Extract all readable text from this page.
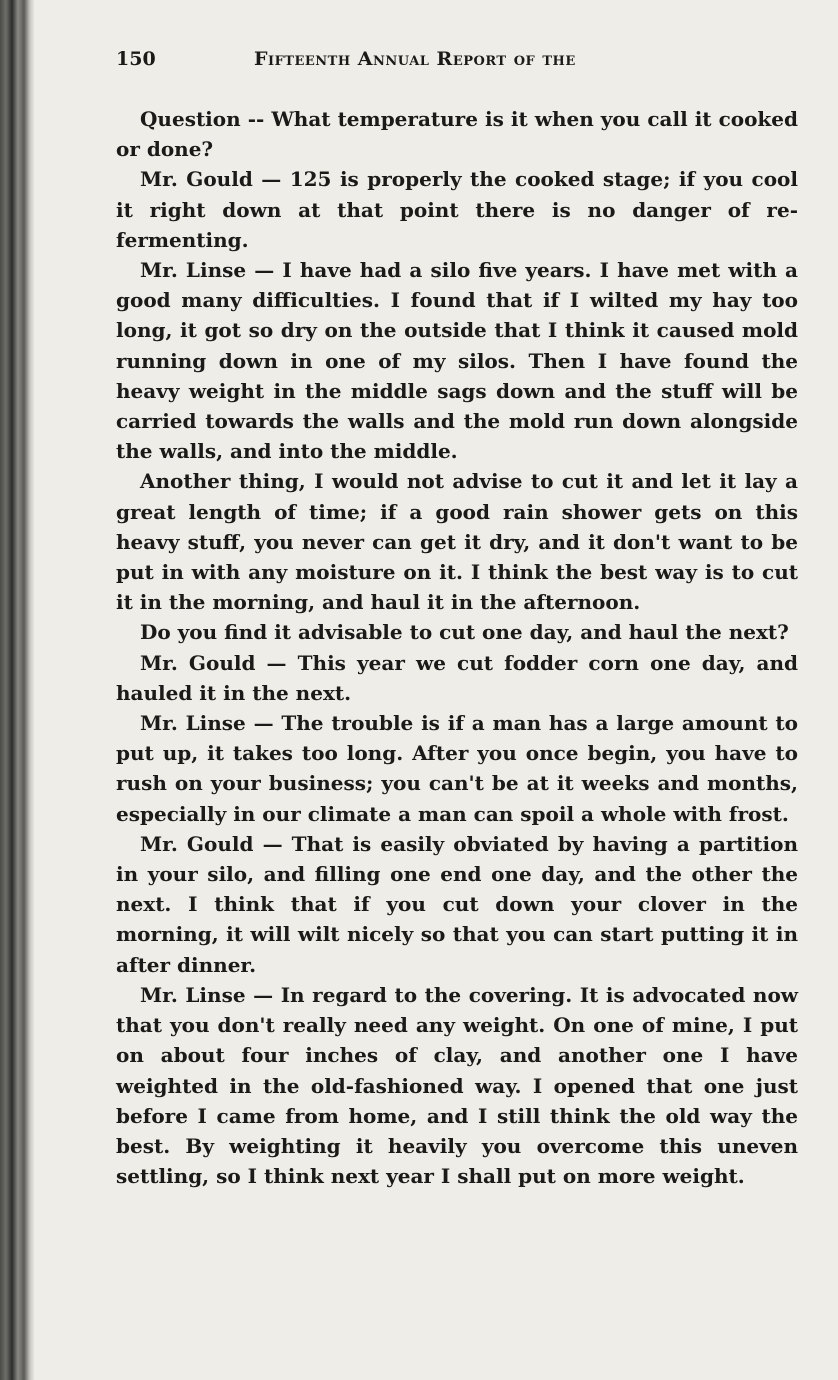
150	Fifteenth Annual Report of the

Question -- What temperature is it when you call it cooked or done?

Mr. Gould — 125 is properly the cooked stage; if you cool it right down at that point there is no danger of re-fermenting.

Mr. Linse — I have had a silo five years. I have met with a good many difficulties. I found that if I wilted my hay too long, it got so dry on the outside that I think it caused mold running down in one of my silos. Then I have found the heavy weight in the middle sags down and the stuff will be carried towards the walls and the mold run down alongside the walls, and into the middle.

Another thing, I would not advise to cut it and let it lay a great length of time; if a good rain shower gets on this heavy stuff, you never can get it dry, and it don't want to be put in with any moisture on it. I think the best way is to cut it in the morning, and haul it in the afternoon.

Do you find it advisable to cut one day, and haul the next?

Mr. Gould — This year we cut fodder corn one day, and hauled it in the next.

Mr. Linse — The trouble is if a man has a large amount to put up, it takes too long. After you once begin, you have to rush on your business; you can't be at it weeks and months, especially in our climate a man can spoil a whole with frost.

Mr. Gould — That is easily obviated by having a partition in your silo, and filling one end one day, and the other the next. I think that if you cut down your clover in the morning, it will wilt nicely so that you can start putting it in after dinner.

Mr. Linse — In regard to the covering. It is advocated now that you don't really need any weight. On one of mine, I put on about four inches of clay, and another one I have weighted in the old-fashioned way. I opened that one just before I came from home, and I still think the old way the best. By weighting it heavily you overcome this uneven settling, so I think next year I shall put on more weight.
